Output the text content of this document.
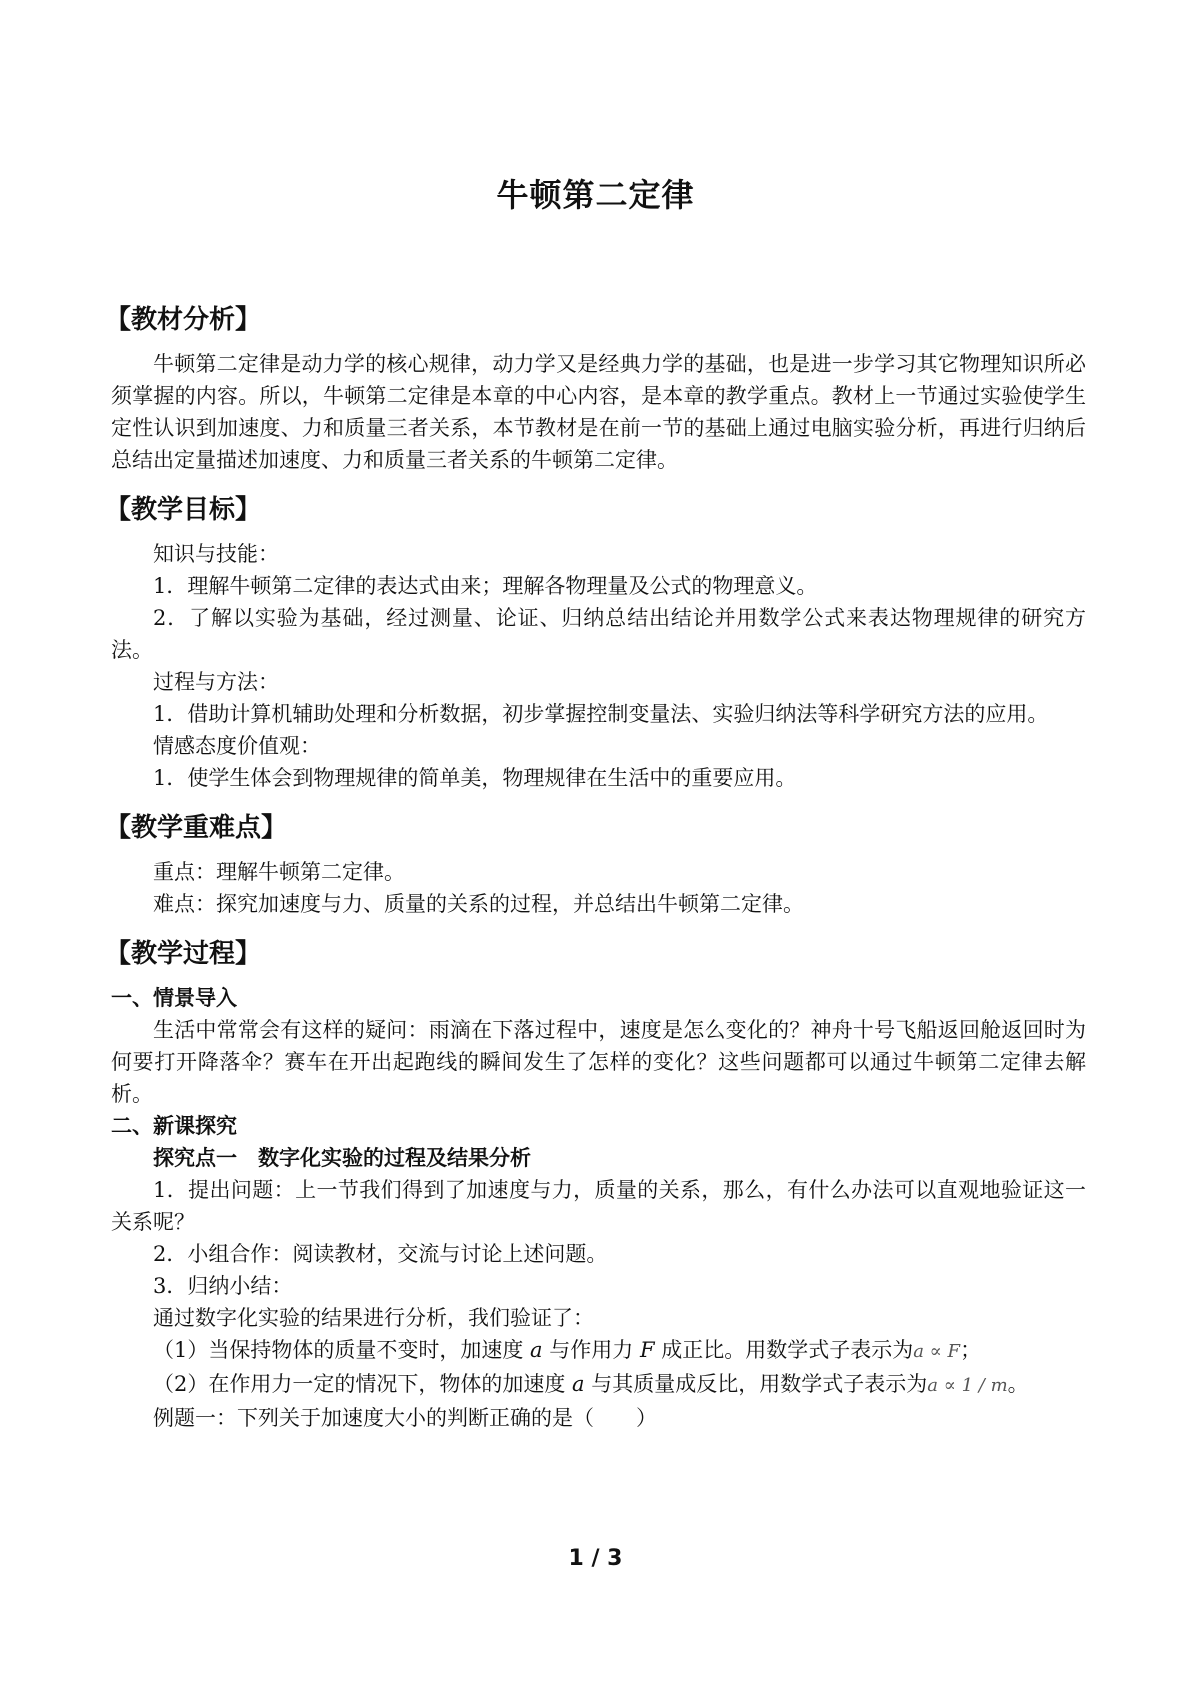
牛顿第二定律
【教材分析】

牛顿第二定律是动力学的核心规律，动力学又是经典力学的基础，也是进一步学习其它物理知识所必须掌握的内容。所以，牛顿第二定律是本章的中心内容，是本章的教学重点。教材上一节通过实验使学生定性认识到加速度、力和质量三者关系，本节教材是在前一节的基础上通过电脑实验分析，再进行归纳后总结出定量描述加速度、力和质量三者关系的牛顿第二定律。

【教学目标】

知识与技能：

1．理解牛顿第二定律的表达式由来；理解各物理量及公式的物理意义。

2．了解以实验为基础，经过测量、论证、归纳总结出结论并用数学公式来表达物理规律的研究方法。

过程与方法：

1．借助计算机辅助处理和分析数据，初步掌握控制变量法、实验归纳法等科学研究方法的应用。

情感态度价值观：

1．使学生体会到物理规律的简单美，物理规律在生活中的重要应用。

【教学重难点】

重点：理解牛顿第二定律。

难点：探究加速度与力、质量的关系的过程，并总结出牛顿第二定律。

【教学过程】

一、情景导入

生活中常常会有这样的疑问：雨滴在下落过程中，速度是怎么变化的？神舟十号飞船返回舱返回时为何要打开降落伞？赛车在开出起跑线的瞬间发生了怎样的变化？这些问题都可以通过牛顿第二定律去解析。

二、新课探究

探究点一　数字化实验的过程及结果分析

1．提出问题：上一节我们得到了加速度与力，质量的关系，那么，有什么办法可以直观地验证这一关系呢？

2．小组合作：阅读教材，交流与讨论上述问题。

3．归纳小结：

通过数字化实验的结果进行分析，我们验证了：

（1）当保持物体的质量不变时，加速度 a 与作用力 F 成正比。用数学式子表示为a ∝ F；

（2）在作用力一定的情况下，物体的加速度 a 与其质量成反比，用数学式子表示为a ∝ 1 / m。

例题一：下列关于加速度大小的判断正确的是（　　）

1 / 3
